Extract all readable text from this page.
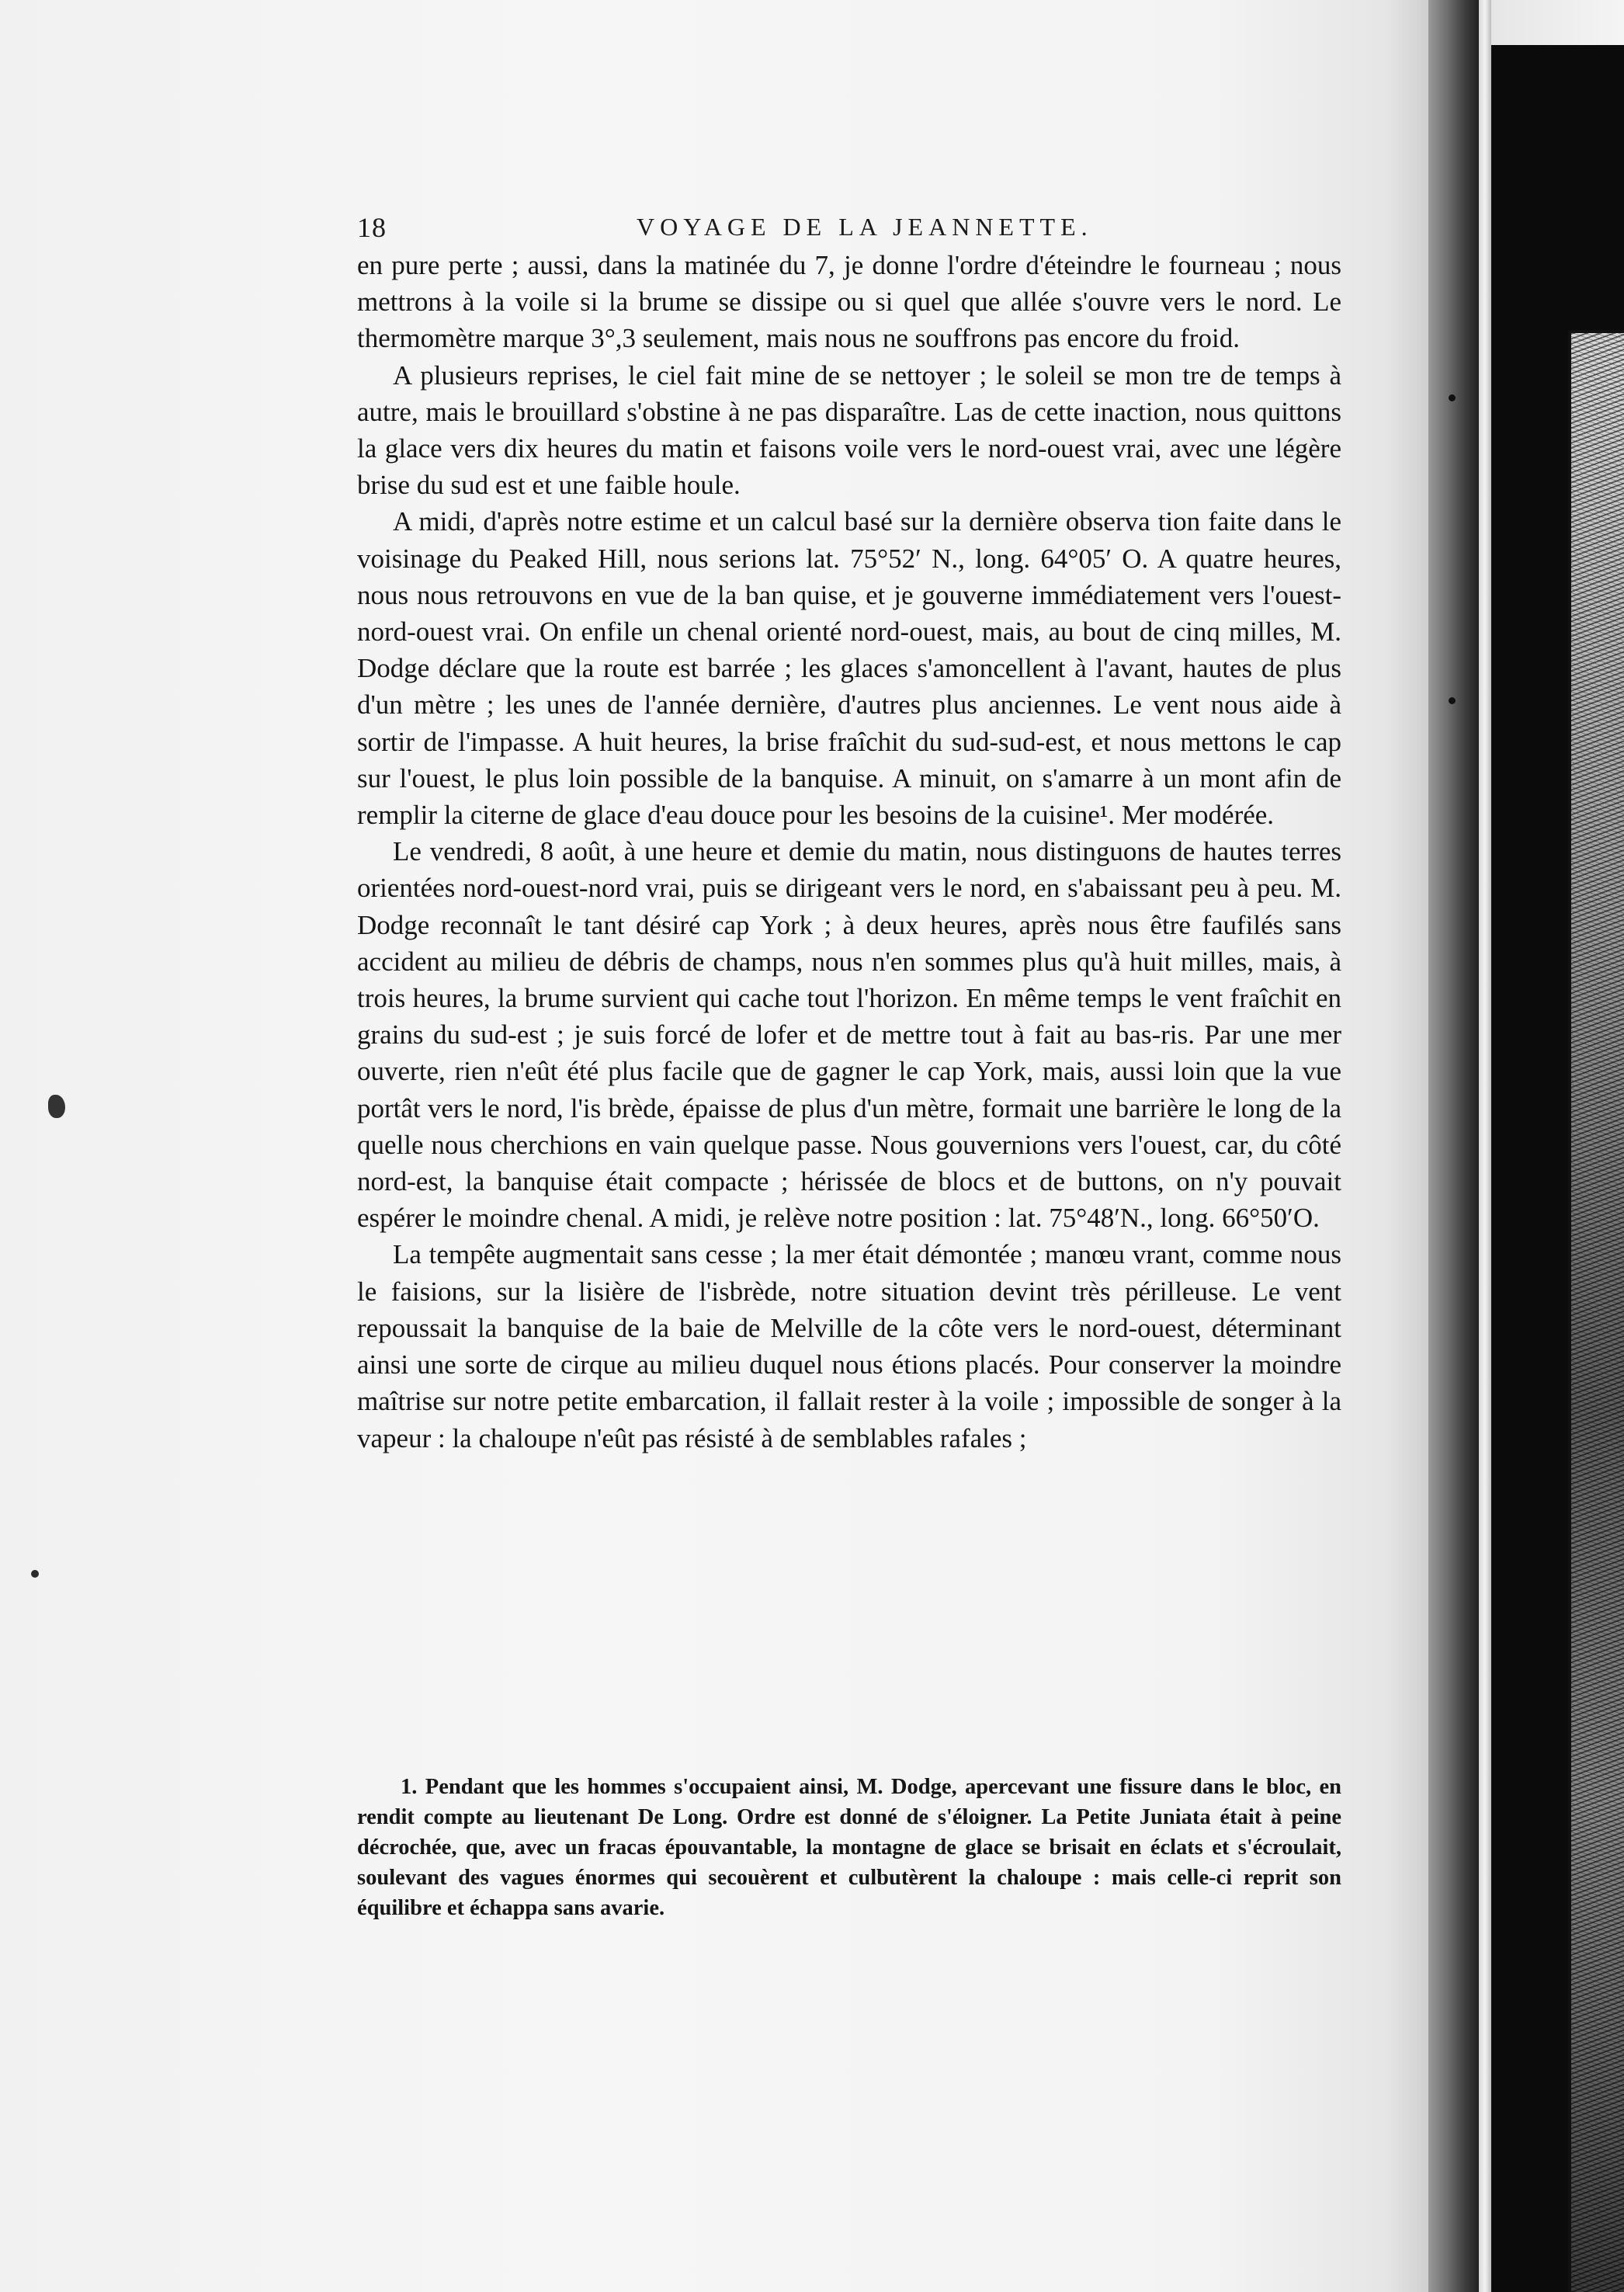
18	VOYAGE DE LA JEANNETTE.

en pure perte ; aussi, dans la matinée du 7, je donne l'ordre d'éteindre le fourneau ; nous mettrons à la voile si la brume se dissipe ou si quel que allée s'ouvre vers le nord. Le thermomètre marque 3°,3 seulement, mais nous ne souffrons pas encore du froid.

A plusieurs reprises, le ciel fait mine de se nettoyer ; le soleil se mon tre de temps à autre, mais le brouillard s'obstine à ne pas disparaître. Las de cette inaction, nous quittons la glace vers dix heures du matin et faisons voile vers le nord-ouest vrai, avec une légère brise du sud est et une faible houle.

A midi, d'après notre estime et un calcul basé sur la dernière observa tion faite dans le voisinage du Peaked Hill, nous serions lat. 75°52′ N., long. 64°05′ O. A quatre heures, nous nous retrouvons en vue de la ban quise, et je gouverne immédiatement vers l'ouest-nord-ouest vrai. On enfile un chenal orienté nord-ouest, mais, au bout de cinq milles, M. Dodge déclare que la route est barrée ; les glaces s'amoncellent à l'avant, hautes de plus d'un mètre ; les unes de l'année dernière, d'autres plus anciennes. Le vent nous aide à sortir de l'impasse. A huit heures, la brise fraîchit du sud-sud-est, et nous mettons le cap sur l'ouest, le plus loin possible de la banquise. A minuit, on s'amarre à un mont afin de remplir la citerne de glace d'eau douce pour les besoins de la cuisine¹. Mer modérée.

Le vendredi, 8 août, à une heure et demie du matin, nous distinguons de hautes terres orientées nord-ouest-nord vrai, puis se dirigeant vers le nord, en s'abaissant peu à peu. M. Dodge reconnaît le tant désiré cap York ; à deux heures, après nous être faufilés sans accident au milieu de débris de champs, nous n'en sommes plus qu'à huit milles, mais, à trois heures, la brume survient qui cache tout l'horizon. En même temps le vent fraîchit en grains du sud-est ; je suis forcé de lofer et de mettre tout à fait au bas-ris. Par une mer ouverte, rien n'eût été plus facile que de gagner le cap York, mais, aussi loin que la vue portât vers le nord, l'is brède, épaisse de plus d'un mètre, formait une barrière le long de la quelle nous cherchions en vain quelque passe. Nous gouvernions vers l'ouest, car, du côté nord-est, la banquise était compacte ; hérissée de blocs et de buttons, on n'y pouvait espérer le moindre chenal. A midi, je relève notre position : lat. 75°48′N., long. 66°50′O.

La tempête augmentait sans cesse ; la mer était démontée ; manœu vrant, comme nous le faisions, sur la lisière de l'isbrède, notre situation devint très périlleuse. Le vent repoussait la banquise de la baie de Melville de la côte vers le nord-ouest, déterminant ainsi une sorte de cirque au milieu duquel nous étions placés. Pour conserver la moindre maîtrise sur notre petite embarcation, il fallait rester à la voile ; impossible de songer à la vapeur : la chaloupe n'eût pas résisté à de semblables rafales ;

1. Pendant que les hommes s'occupaient ainsi, M. Dodge, apercevant une fissure dans le bloc, en rendit compte au lieutenant De Long. Ordre est donné de s'éloigner. La Petite Juniata était à peine décrochée, que, avec un fracas épouvantable, la montagne de glace se brisait en éclats et s'écroulait, soulevant des vagues énormes qui secouèrent et culbutèrent la chaloupe : mais celle-ci reprit son équilibre et échappa sans avarie.
